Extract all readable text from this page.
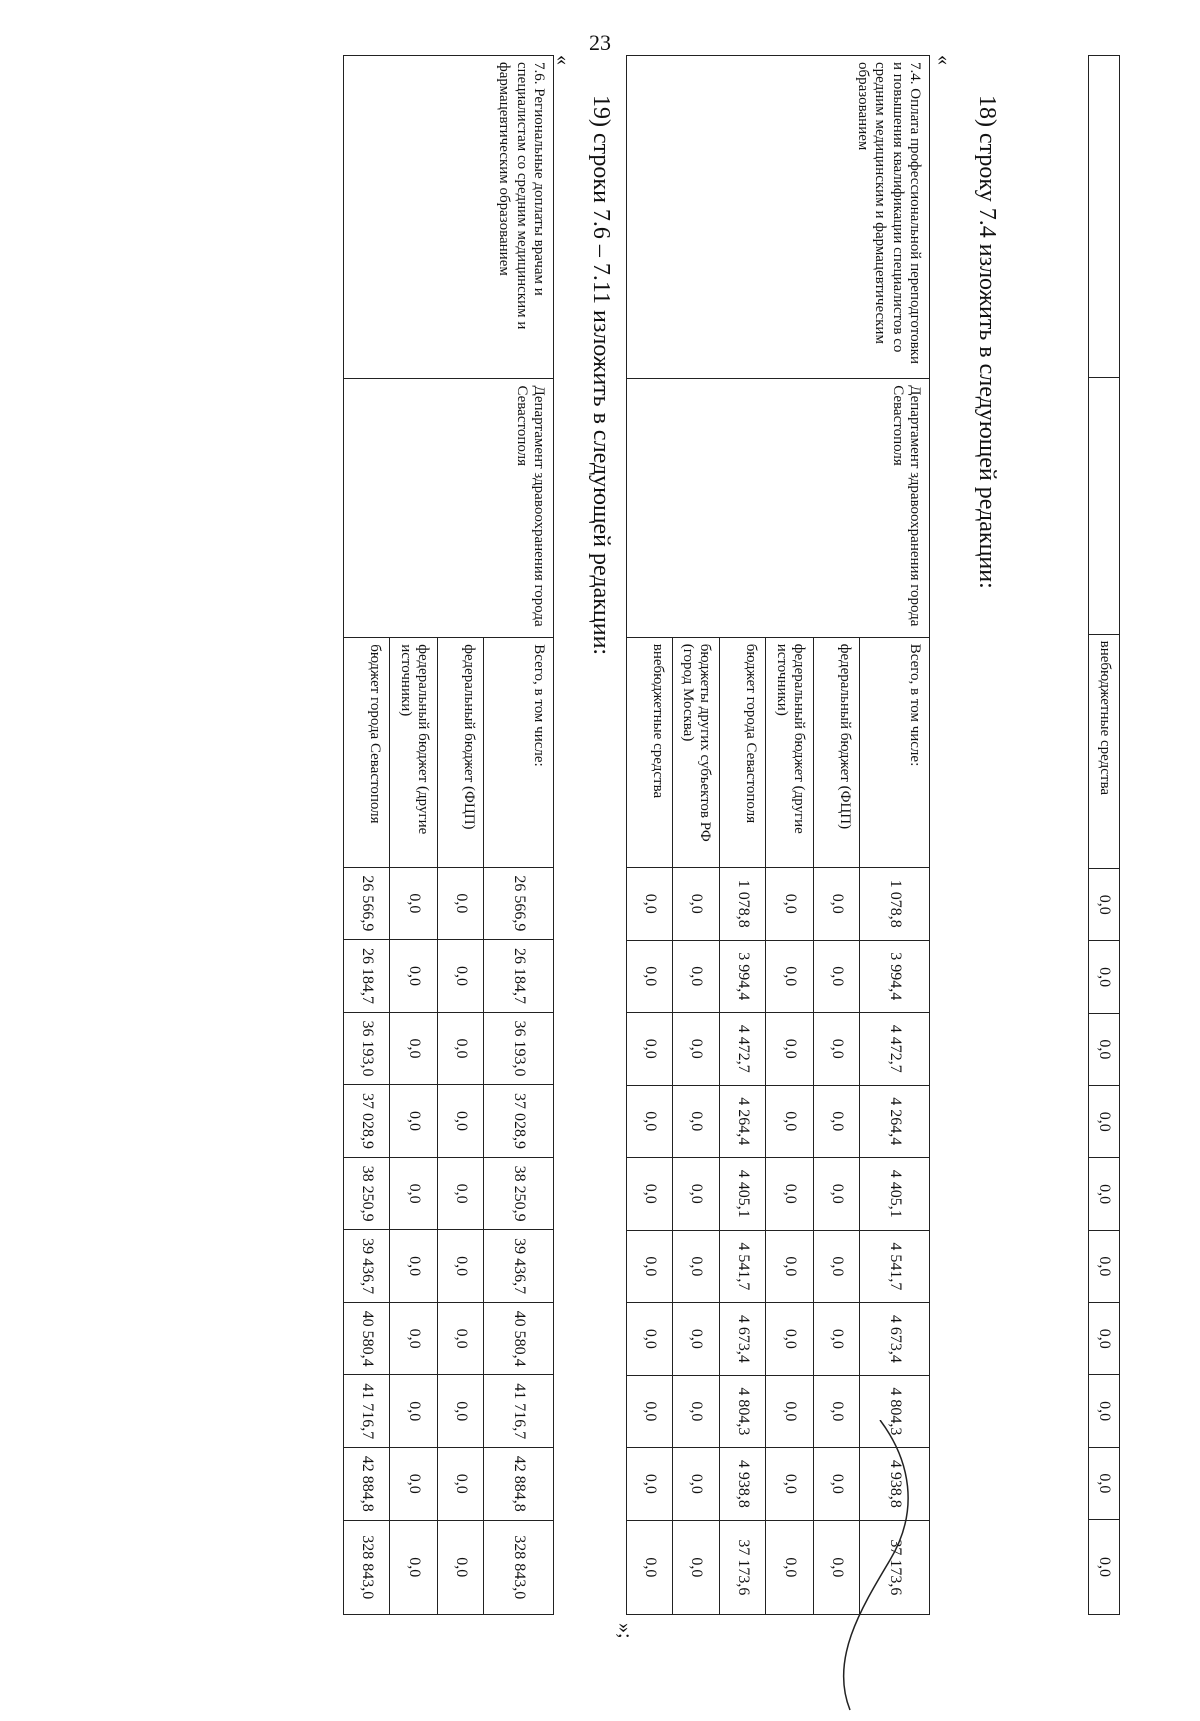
23
		внебюджетные средства	0,0	0,0	0,0	0,0	0,0	0,0	0,0	0,0	0,0	0,0
18) строку 7.4 изложить в следующей редакции:
«
»;
7.4. Оплата профессиональной переподготовки и повышения квалификации специалистов со средним медицинским и фармацевтическим образованием	Департамент здравоохранения города Севастополя	Всего, в том числе:	1 078,8	3 994,4	4 472,7	4 264,4	4 405,1	4 541,7	4 673,4	4 804,3	4 938,8	37 173,6
		федеральный бюджет (ФЦП)	0,0	0,0	0,0	0,0	0,0	0,0	0,0	0,0	0,0	0,0
		федеральный бюджет (другие источники)	0,0	0,0	0,0	0,0	0,0	0,0	0,0	0,0	0,0	0,0
		бюджет города Севастополя	1 078,8	3 994,4	4 472,7	4 264,4	4 405,1	4 541,7	4 673,4	4 804,3	4 938,8	37 173,6
		бюджеты других субъектов РФ (город Москва)	0,0	0,0	0,0	0,0	0,0	0,0	0,0	0,0	0,0	0,0
		внебюджетные средства	0,0	0,0	0,0	0,0	0,0	0,0	0,0	0,0	0,0	0,0
19) строки 7.6 – 7.11 изложить в следующей редакции:
«
7.6. Региональные доплаты врачам и специалистам со средним медицинским и фармацевтическим образованием	Департамент здравоохранения города Севастополя	Всего, в том числе:	26 566,9	26 184,7	36 193,0	37 028,9	38 250,9	39 436,7	40 580,4	41 716,7	42 884,8	328 843,0
		федеральный бюджет (ФЦП)	0,0	0,0	0,0	0,0	0,0	0,0	0,0	0,0	0,0	0,0
		федеральный бюджет (другие источники)	0,0	0,0	0,0	0,0	0,0	0,0	0,0	0,0	0,0	0,0
		бюджет города Севастополя	26 566,9	26 184,7	36 193,0	37 028,9	38 250,9	39 436,7	40 580,4	41 716,7	42 884,8	328 843,0
